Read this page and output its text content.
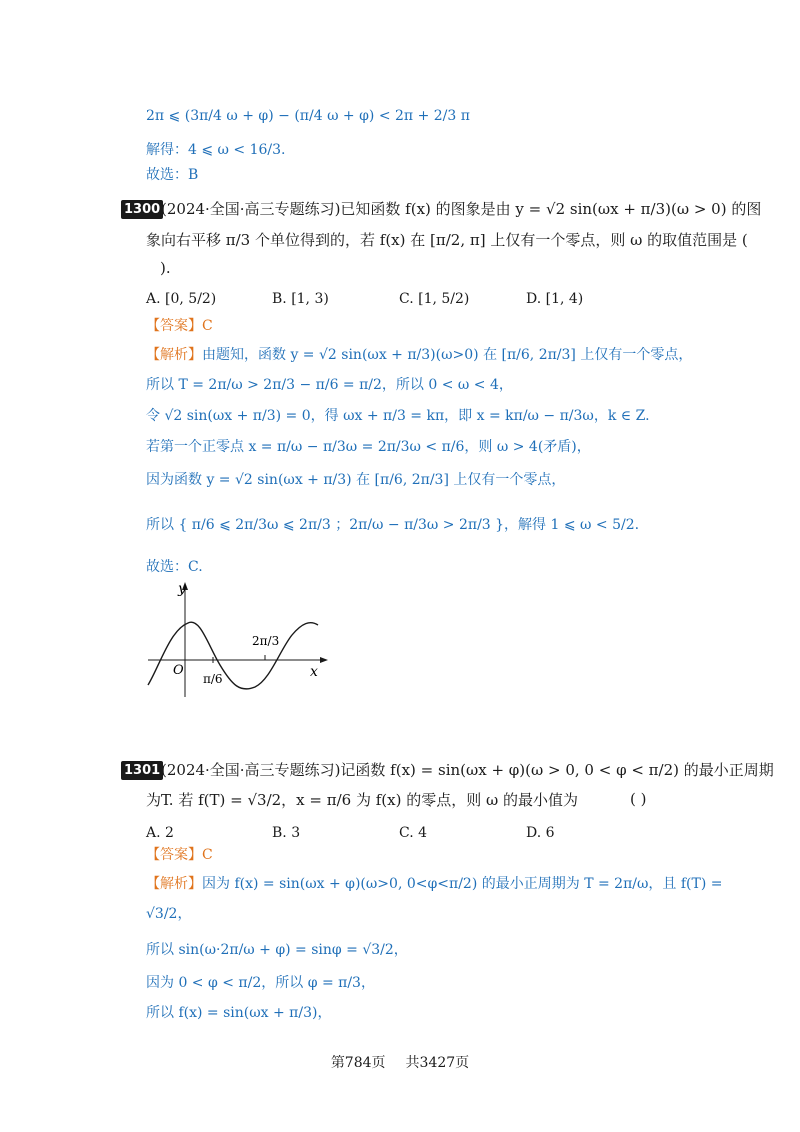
2π ⩽ (3π/4 ω + φ) − (π/4 ω + φ) < 2π + 2/3 π
解得：4 ⩽ ω < 16/3.
故选：B
1300 (2024·全国·高三专题练习)已知函数 f(x) 的图象是由 y = √2 sin(ωx + π/3)(ω > 0) 的图
象向右平移 π/3 个单位得到的，若 f(x) 在 [π/2, π] 上仅有一个零点，则 ω 的取值范围是 (
).
A. [0, 5/2)	B. [1, 3)	C. [1, 5/2)	D. [1, 4)
【答案】C
【解析】由题知，函数 y = √2 sin(ωx + π/3)(ω>0) 在 [π/6, 2π/3] 上仅有一个零点，
所以 T = 2π/ω > 2π/3 − π/6 = π/2，所以 0 < ω < 4，
令 √2 sin(ωx + π/3) = 0，得 ωx + π/3 = kπ，即 x = kπ/ω − π/3ω，k ∈ Z.
若第一个正零点 x = π/ω − π/3ω = 2π/3ω < π/6，则 ω > 4(矛盾)，
因为函数 y = √2 sin(ωx + π/3) 在 [π/6, 2π/3] 上仅有一个零点，
所以 { π/6 ⩽ 2π/3ω ⩽ 2π/3 ；2π/ω − π/3ω > 2π/3 }，解得 1 ⩽ ω < 5/2.
故选：C.
y
x
O
π/6
2π/3
1301 (2024·全国·高三专题练习)记函数 f(x) = sin(ωx + φ)(ω > 0, 0 < φ < π/2) 的最小正周期
为T. 若 f(T) = √3/2，x = π/6 为 f(x) 的零点，则 ω 的最小值为	( )
A. 2	B. 3	C. 4	D. 6
【答案】C
【解析】因为 f(x) = sin(ωx + φ)(ω>0, 0<φ<π/2) 的最小正周期为 T = 2π/ω，且 f(T) =
√3/2，
所以 sin(ω·2π/ω + φ) = sinφ = √3/2，
因为 0 < φ < π/2，所以 φ = π/3，
所以 f(x) = sin(ωx + π/3)，
第784页 共3427页
